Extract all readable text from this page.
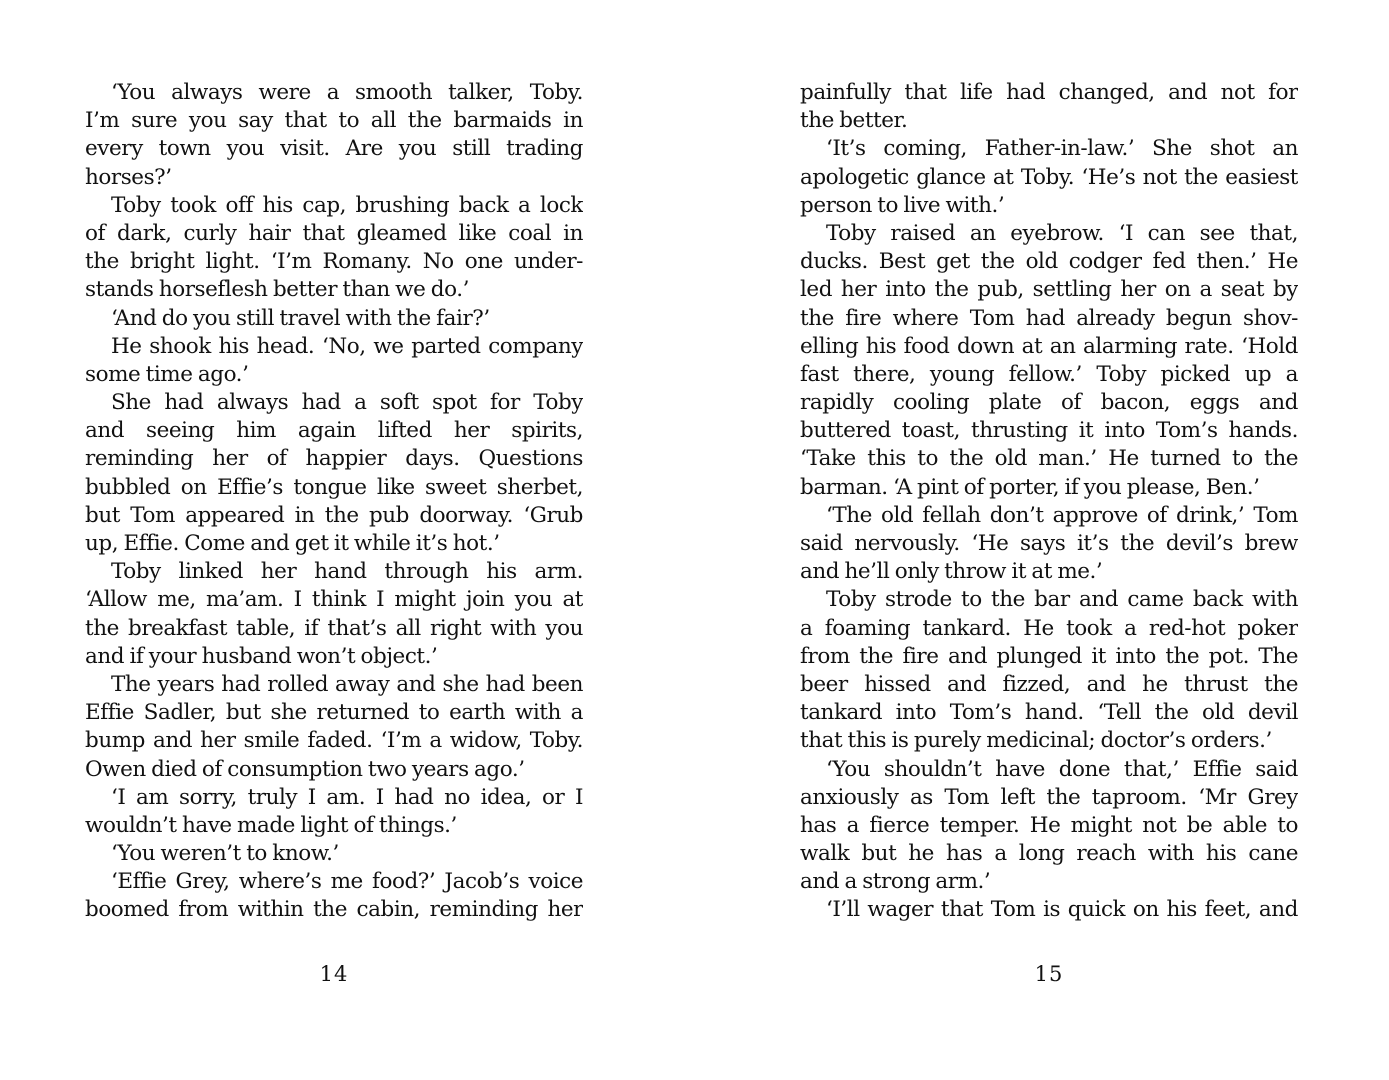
‘You always were a smooth talker, Toby.
I’m sure you say that to all the barmaids in
every town you visit. Are you still trading
horses?’
Toby took off his cap, brushing back a lock
of dark, curly hair that gleamed like coal in
the bright light. ‘I’m Romany. No one under-
stands horseflesh better than we do.’
‘And do you still travel with the fair?’
He shook his head. ‘No, we parted company
some time ago.’
She had always had a soft spot for Toby
and seeing him again lifted her spirits,
reminding her of happier days. Questions
bubbled on Effie’s tongue like sweet sherbet,
but Tom appeared in the pub doorway. ‘Grub
up, Effie. Come and get it while it’s hot.’
Toby linked her hand through his arm.
‘Allow me, ma’am. I think I might join you at
the breakfast table, if that’s all right with you
and if your husband won’t object.’
The years had rolled away and she had been
Effie Sadler, but she returned to earth with a
bump and her smile faded. ‘I’m a widow, Toby.
Owen died of consumption two years ago.’
‘I am sorry, truly I am. I had no idea, or I
wouldn’t have made light of things.’
‘You weren’t to know.’
‘Effie Grey, where’s me food?’ Jacob’s voice
boomed from within the cabin, reminding her
14
painfully that life had changed, and not for
the better.
‘It’s coming, Father-in-law.’ She shot an
apologetic glance at Toby. ‘He’s not the easiest
person to live with.’
Toby raised an eyebrow. ‘I can see that,
ducks. Best get the old codger fed then.’ He
led her into the pub, settling her on a seat by
the fire where Tom had already begun shov-
elling his food down at an alarming rate. ‘Hold
fast there, young fellow.’ Toby picked up a
rapidly cooling plate of bacon, eggs and
buttered toast, thrusting it into Tom’s hands.
‘Take this to the old man.’ He turned to the
barman. ‘A pint of porter, if you please, Ben.’
‘The old fellah don’t approve of drink,’ Tom
said nervously. ‘He says it’s the devil’s brew
and he’ll only throw it at me.’
Toby strode to the bar and came back with
a foaming tankard. He took a red-hot poker
from the fire and plunged it into the pot. The
beer hissed and fizzed, and he thrust the
tankard into Tom’s hand. ‘Tell the old devil
that this is purely medicinal; doctor’s orders.’
‘You shouldn’t have done that,’ Effie said
anxiously as Tom left the taproom. ‘Mr Grey
has a fierce temper. He might not be able to
walk but he has a long reach with his cane
and a strong arm.’
‘I’ll wager that Tom is quick on his feet, and
15
